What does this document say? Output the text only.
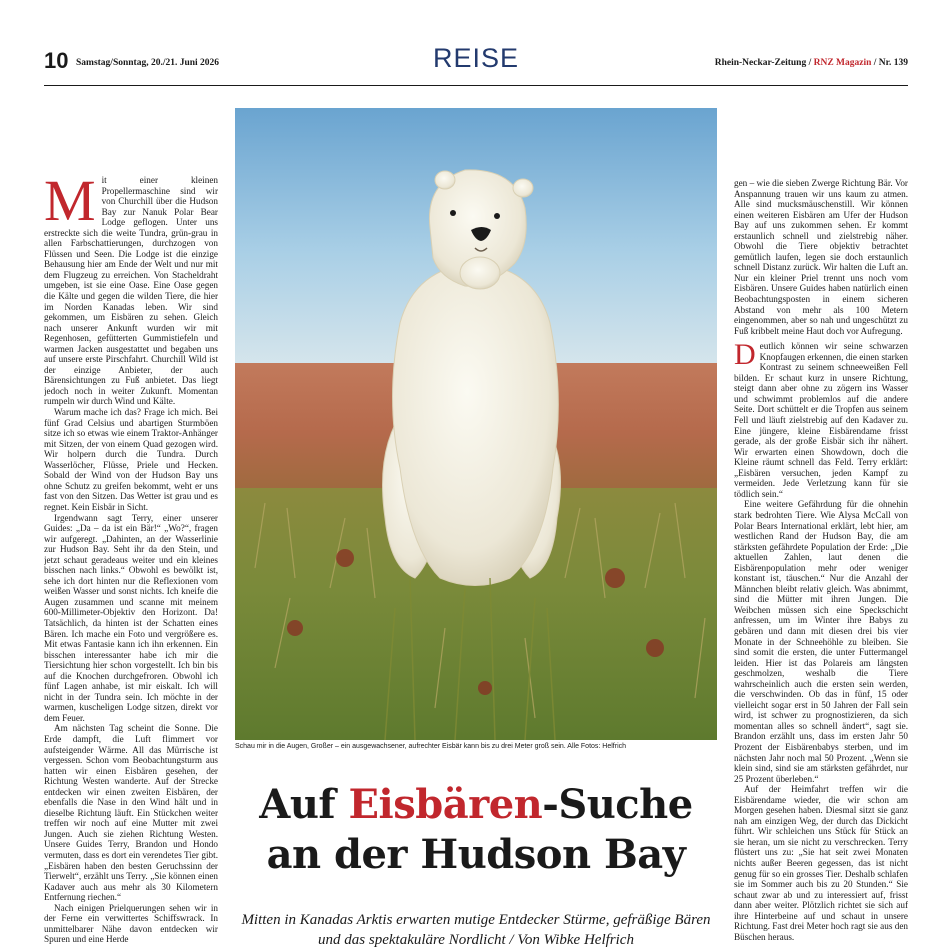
10 Samstag/Sonntag, 20./21. Juni 2026	REISE	Rhein-Neckar-Zeitung / RNZ Magazin / Nr. 139
M it einer kleinen Propellermaschine sind wir von Churchill über die Hudson Bay zur Nanuk Polar Bear Lodge geflogen. Unter uns erstreckte sich die weite Tundra, grün-grau in allen Farbschattierungen, durchzogen von Flüssen und Seen. Die Lodge ist die einzige Behausung hier am Ende der Welt und nur mit dem Flugzeug zu erreichen. Von Stacheldraht umgeben, ist sie eine Oase. Eine Oase gegen die Kälte und gegen die wilden Tiere, die hier im Norden Kanadas leben. Wir sind gekommen, um Eisbären zu sehen. Gleich nach unserer Ankunft wurden wir mit Regenhosen, gefütterten Gummistiefeln und warmen Jacken ausgestattet und begaben uns auf unsere erste Pirschfahrt. Churchill Wild ist der einzige Anbieter, der auch Bärensichtungen zu Fuß anbietet. Das liegt jedoch noch in weiter Zukunft. Momentan rumpeln wir durch Wind und Kälte.

Warum mache ich das? Frage ich mich. Bei fünf Grad Celsius und abartigen Sturmböen sitze ich so etwas wie einem Traktor-Anhänger mit Sitzen, der von einem Quad gezogen wird. Wir holpern durch die Tundra. Durch Wasserlöcher, Flüsse, Priele und Hecken. Sobald der Wind von der Hudson Bay uns ohne Schutz zu greifen bekommt, weht er uns fast von den Sitzen. Das Wetter ist grau und es regnet. Kein Eisbär in Sicht.

Irgendwann sagt Terry, einer unserer Guides: „Da – da ist ein Bär!“ „Wo?“, fragen wir aufgeregt. „Dahinten, an der Wasserlinie zur Hudson Bay. Seht ihr da den Stein, und jetzt schaut geradeaus weiter und ein kleines bisschen nach links.“ Obwohl es bewölkt ist, sehe ich dort hinten nur die Reflexionen vom weißen Wasser und sonst nichts. Ich kneife die Augen zusammen und scanne mit meinem 600-Millimeter-Objektiv den Horizont. Da! Tatsächlich, da hinten ist der Schatten eines Bären. Ich mache ein Foto und vergrößere es. Mit etwas Fantasie kann ich ihn erkennen. Ein bisschen interessanter habe ich mir die Tiersichtung hier schon vorgestellt. Ich bin bis auf die Knochen durchgefroren. Obwohl ich fünf Lagen anhabe, ist mir eiskalt. Ich will nicht in der Tundra sein. Ich möchte in der warmen, kuscheligen Lodge sitzen, direkt vor dem Feuer.

Am nächsten Tag scheint die Sonne. Die Erde dampft, die Luft flimmert vor aufsteigender Wärme. All das Mürrische ist vergessen. Schon vom Beobachtungsturm aus hatten wir einen Eisbären gesehen, der Richtung Westen wanderte. Auf der Strecke entdecken wir einen zweiten Eisbären, der ebenfalls die Nase in den Wind hält und in dieselbe Richtung läuft. Ein Stückchen weiter treffen wir noch auf eine Mutter mit zwei Jungen. Auch sie ziehen Richtung Westen. Unsere Guides Terry, Brandon und Hondo vermuten, dass es dort ein verendetes Tier gibt. „Eisbären haben den besten Geruchssinn der Tierwelt“, erzählt uns Terry. „Sie können einen Kadaver auch aus mehr als 30 Kilometern Entfernung riechen.“

Nach einigen Prielquerungen sehen wir in der Ferne ein verwittertes Schiffswrack. In unmittelbarer Nähe davon entdecken wir Spuren und eine Herde

Schau mir in die Augen, Großer – ein ausgewachsener, aufrechter Eisbär kann bis zu drei Meter groß sein. Alle Fotos: Helfrich
Auf Eisbären-Suche
an der Hudson Bay
Mitten in Kanadas Arktis erwarten mutige Entdecker Stürme, gefräßige Bären und das spektakuläre Nordlicht / Von Wibke Helfrich

gen – wie die sieben Zwerge Richtung Bär. Vor Anspannung trauen wir uns kaum zu atmen. Alle sind mucksmäuschenstill. Wir können einen weiteren Eisbären am Ufer der Hudson Bay auf uns zukommen sehen. Er kommt erstaunlich schnell und zielstrebig näher. Obwohl die Tiere objektiv betrachtet gemütlich laufen, legen sie doch erstaunlich schnell Distanz zurück. Wir halten die Luft an. Nur ein kleiner Priel trennt uns noch vom Eisbären. Unsere Guides haben natürlich einen Beobachtungsposten in einem sicheren Abstand von mehr als 100 Metern eingenommen, aber so nah und ungeschützt zu Fuß kribbelt meine Haut doch vor Aufregung.

Deutlich können wir seine schwarzen Knopfaugen erkennen, die einen starken Kontrast zu seinem schneeweißen Fell bilden. Er schaut kurz in unsere Richtung, steigt dann aber ohne zu zögern ins Wasser und schwimmt problemlos auf die andere Seite. Dort schüttelt er die Tropfen aus seinem Fell und läuft zielstrebig auf den Kadaver zu. Eine jüngere, kleine Eisbärendame frisst gerade, als der große Eisbär sich ihr nähert. Wir erwarten einen Showdown, doch die Kleine räumt schnell das Feld. Terry erklärt: „Eisbären versuchen, jeden Kampf zu vermeiden. Jede Verletzung kann für sie tödlich sein.“

Eine weitere Gefährdung für die ohnehin stark bedrohten Tiere. Wie Alysa McCall von Polar Bears International erklärt, lebt hier, am westlichen Rand der Hudson Bay, die am stärksten gefährdete Population der Erde: „Die aktuellen Zahlen, laut denen die Eisbärenpopulation mehr oder weniger konstant ist, täuschen.“ Nur die Anzahl der Männchen bleibt relativ gleich. Was abnimmt, sind die Mütter mit ihren Jungen. Die Weibchen müssen sich eine Speckschicht anfressen, um im Winter ihre Babys zu gebären und dann mit diesen drei bis vier Monate in der Schneehöhle zu bleiben. Sie sind somit die ersten, die unter Futtermangel leiden. Hier ist das Polareis am längsten geschmolzen, weshalb die Tiere wahrscheinlich auch die ersten sein werden, die verschwinden. Ob das in fünf, 15 oder vielleicht sogar erst in 50 Jahren der Fall sein wird, ist schwer zu prognostizieren, da sich momentan alles so schnell ändert“, sagt sie. Brandon erzählt uns, dass im ersten Jahr 50 Prozent der Eisbärenbabys sterben, und im nächsten Jahr noch mal 50 Prozent. „Wenn sie klein sind, sind sie am stärksten gefährdet, nur 25 Prozent überleben.“

Auf der Heimfahrt treffen wir die Eisbärendame wieder, die wir schon am Morgen gesehen haben. Diesmal sitzt sie ganz nah am einzigen Weg, der durch das Dickicht führt. Wir schleichen uns Stück für Stück an sie heran, um sie nicht zu verschrecken. Terry flüstert uns zu: „Sie hat seit zwei Monaten nichts außer Beeren gegessen, das ist nicht genug für so ein grosses Tier. Deshalb schlafen sie im Sommer auch bis zu 20 Stunden.“ Sie schaut zwar ab und zu interessiert auf, frisst dann aber weiter. Plötzlich richtet sie sich auf ihre Hinterbeine auf und schaut in unsere Richtung. Fast drei Meter hoch ragt sie aus den Büschen heraus.
